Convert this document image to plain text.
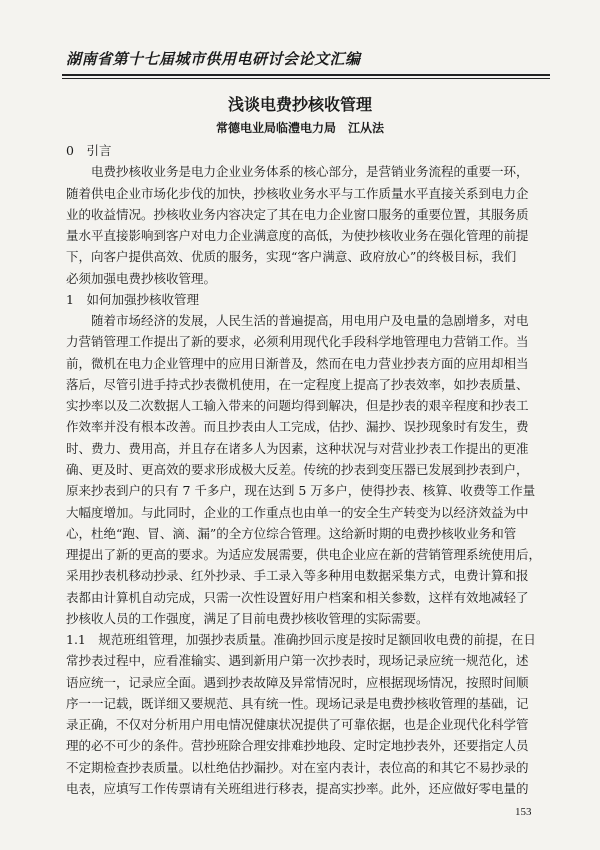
湖南省第十七届城市供用电研讨会论文汇编
浅谈电费抄核收管理
常德电业局临澧电力局　江从法
0　引言
电费抄核收业务是电力企业业务体系的核心部分，是营销业务流程的重要一环，
随着供电企业市场化步伐的加快，抄核收业务水平与工作质量水平直接关系到电力企
业的收益情况。抄核收业务内容决定了其在电力企业窗口服务的重要位置，其服务质
量水平直接影响到客户对电力企业满意度的高低，为使抄核收业务在强化管理的前提
下，向客户提供高效、优质的服务，实现“客户满意、政府放心”的终极目标，我们
必须加强电费抄核收管理。
1　如何加强抄核收管理
随着市场经济的发展，人民生活的普遍提高，用电用户及电量的急剧增多，对电
力营销管理工作提出了新的要求，必须利用现代化手段科学地管理电力营销工作。当
前，微机在电力企业管理中的应用日渐普及，然而在电力营业抄表方面的应用却相当
落后，尽管引进手持式抄表微机使用，在一定程度上提高了抄表效率，如抄表质量、
实抄率以及二次数据人工输入带来的问题均得到解决，但是抄表的艰辛程度和抄表工
作效率并没有根本改善。而且抄表由人工完成，估抄、漏抄、误抄现象时有发生，费
时、费力、费用高，并且存在诸多人为因素，这种状况与对营业抄表工作提出的更准
确、更及时、更高效的要求形成极大反差。传统的抄表到变压器已发展到抄表到户，
原来抄表到户的只有 7 千多户，现在达到 5 万多户，使得抄表、核算、收费等工作量
大幅度增加。与此同时，企业的工作重点也由单一的安全生产转变为以经济效益为中
心，杜绝“跑、冒、滴、漏”的全方位综合管理。这给新时期的电费抄核收业务和管
理提出了新的更高的要求。为适应发展需要，供电企业应在新的营销管理系统使用后，
采用抄表机移动抄录、红外抄录、手工录入等多种用电数据采集方式，电费计算和报
表都由计算机自动完成，只需一次性设置好用户档案和相关参数，这样有效地减轻了
抄核收人员的工作强度，满足了目前电费抄核收管理的实际需要。
1.1　规范班组管理，加强抄表质量。准确抄回示度是按时足额回收电费的前提，在日
常抄表过程中，应看准输实、遇到新用户第一次抄表时，现场记录应统一规范化，述
语应统一，记录应全面。遇到抄表故障及异常情况时，应根据现场情况，按照时间顺
序一一记载，既详细又要规范、具有统一性。现场记录是电费抄核收管理的基础，记
录正确，不仅对分析用户用电情况健康状况提供了可靠依据，也是企业现代化科学管
理的必不可少的条件。营抄班除合理安排难抄地段、定时定地抄表外，还要指定人员
不定期检查抄表质量。以杜绝估抄漏抄。对在室内表计，表位高的和其它不易抄录的
电表，应填写工作传票请有关班组进行移表，提高实抄率。此外，还应做好零电量的
153
